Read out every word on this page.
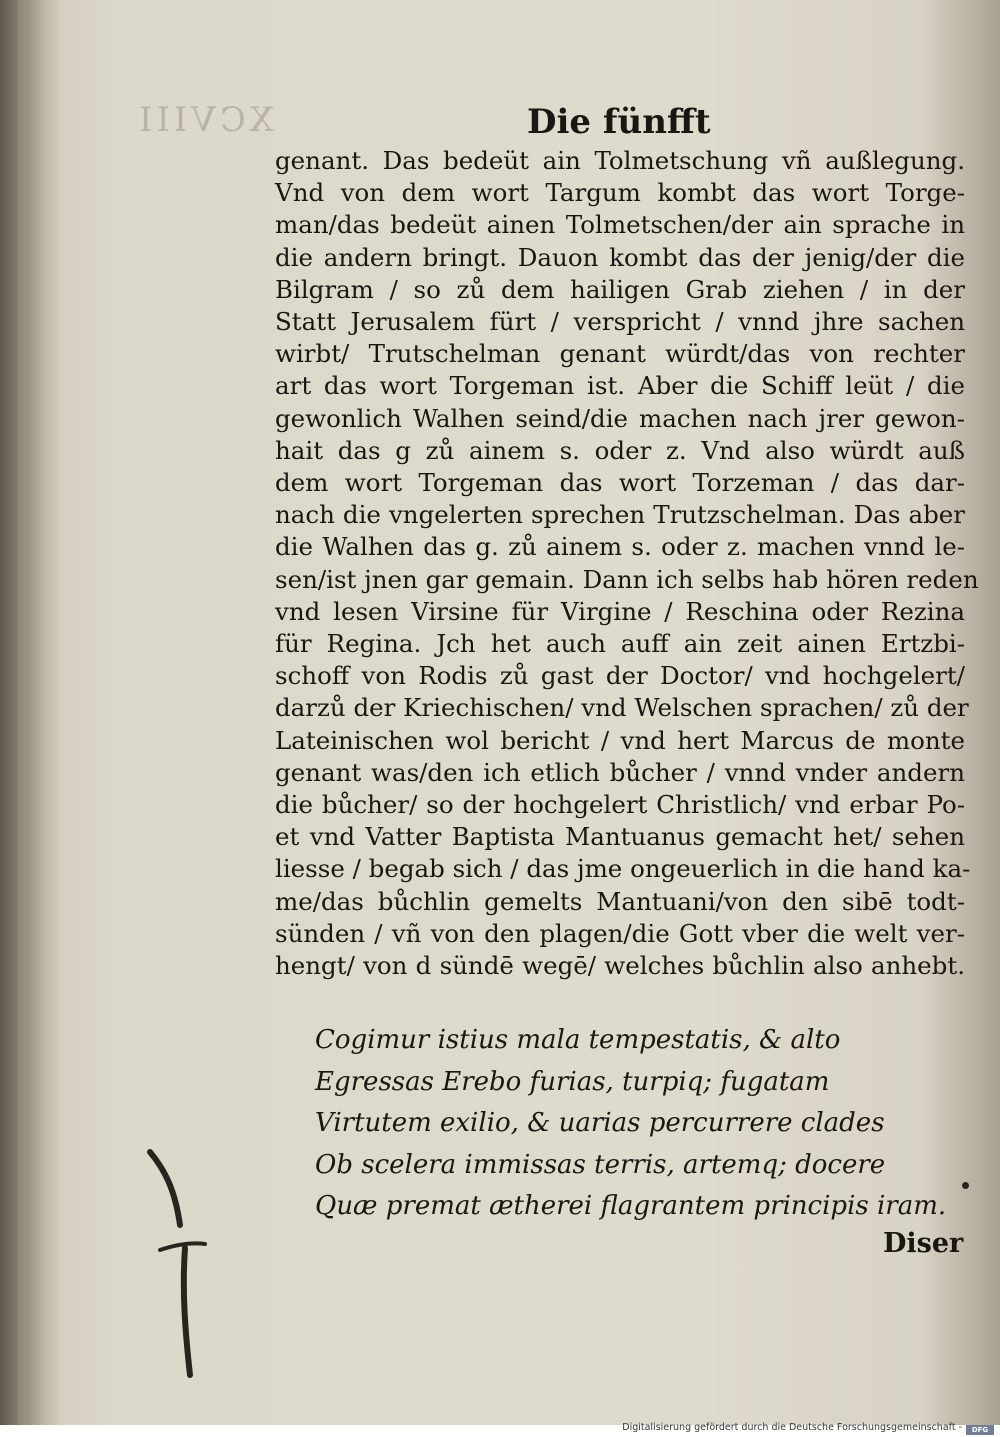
XCVIII	Die fünfft
genant. Das bedeüt ain Tolmetschung vñ außlegung.
Vnd von dem wort Targum kombt das wort Torge-
man/das bedeüt ainen Tolmetschen/der ain sprache in
die andern bringt. Dauon kombt das der jenig/der die
Bilgram / so zů dem hailigen Grab ziehen / in der
Statt Jerusalem fürt / verspricht / vnnd jhre sachen
wirbt/ Trutschelman genant würdt/das von rechter
art das wort Torgeman ist. Aber die Schiff leüt / die
gewonlich Walhen seind/die machen nach jrer gewon-
hait das g zů ainem s. oder z. Vnd also würdt auß
dem wort Torgeman das wort Torzeman / das dar-
nach die vngelerten sprechen Trutzschelman. Das aber
die Walhen das g. zů ainem s. oder z. machen vnnd le-
sen/ist jnen gar gemain. Dann ich selbs hab hören reden
vnd lesen Virsine für Virgine / Reschina oder Rezina
für Regina. Jch het auch auff ain zeit ainen Ertzbi-
schoff von Rodis zů gast der Doctor/ vnd hochgelert/
darzů der Kriechischen/ vnd Welschen sprachen/ zů der
Lateinischen wol bericht / vnd hert Marcus de monte
genant was/den ich etlich bůcher / vnnd vnder andern
die bůcher/ so der hochgelert Christlich/ vnd erbar Po-
et vnd Vatter Baptista Mantuanus gemacht het/ sehen
liesse / begab sich / das jme ongeuerlich in die hand ka-
me/das bůchlin gemelts Mantuani/von den sibē todt-
sünden / vñ von den plagen/die Gott vber die welt ver-
hengt/ von d sündē wegē/ welches bůchlin also anhebt.
Cogimur istius mala tempestatis, & alto
Egressas Erebo furias, turpiq; fugatam
Virtutem exilio, & uarias percurrere clades
Ob scelera immissas terris, artemq; docere
Quæ premat ætherei flagrantem principis iram.
Diser
Digitalisierung gefördert durch die Deutsche Forschungsgemeinschaft -	DFG
